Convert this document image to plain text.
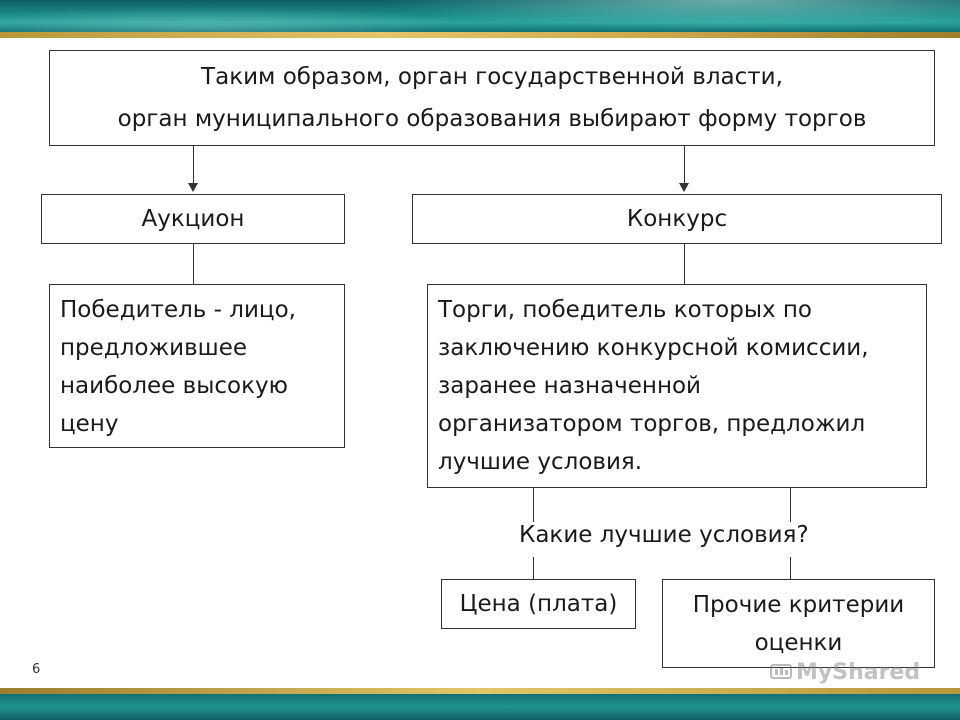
Таким образом, орган государственной власти,
орган муниципального образования выбирают форму торгов
Аукцион	Конкурс
Победитель - лицо,
предложившее
наиболее высокую
цену
Торги, победитель которых по
заключению конкурсной комиссии,
заранее назначенной
организатором торгов, предложил
лучшие условия.
Какие лучшие условия?
Цена (плата)	Прочие критерии
оценки
6	MyShared
